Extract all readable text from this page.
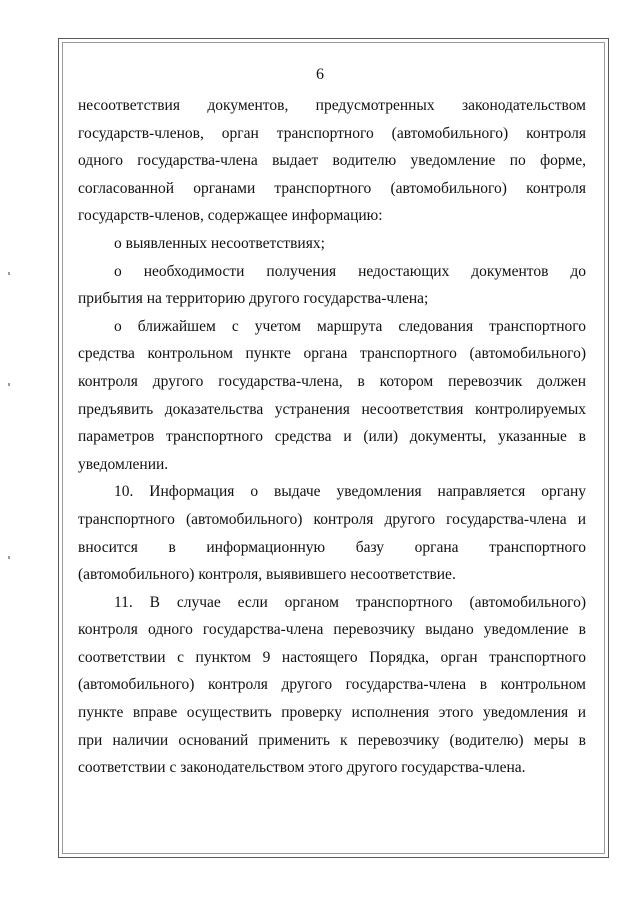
6
несоответствия документов, предусмотренных законодательством
государств-членов, орган транспортного (автомобильного) контроля
одного государства-члена выдает водителю уведомление по форме,
согласованной органами транспортного (автомобильного) контроля
государств-членов, содержащее информацию:
о выявленных несоответствиях;
о необходимости получения недостающих документов до
прибытия на территорию другого государства-члена;
о ближайшем с учетом маршрута следования транспортного
средства контрольном пункте органа транспортного (автомобильного)
контроля другого государства-члена, в котором перевозчик должен
предъявить доказательства устранения несоответствия контролируемых
параметров транспортного средства и (или) документы, указанные в
уведомлении.
10. Информация о выдаче уведомления направляется органу
транспортного (автомобильного) контроля другого государства-члена и
вносится в информационную базу органа транспортного
(автомобильного) контроля, выявившего несоответствие.
11. В случае если органом транспортного (автомобильного)
контроля одного государства-члена перевозчику выдано уведомление в
соответствии с пунктом 9 настоящего Порядка, орган транспортного
(автомобильного) контроля другого государства-члена в контрольном
пункте вправе осуществить проверку исполнения этого уведомления и
при наличии оснований применить к перевозчику (водителю) меры в
соответствии с законодательством этого другого государства-члена.
